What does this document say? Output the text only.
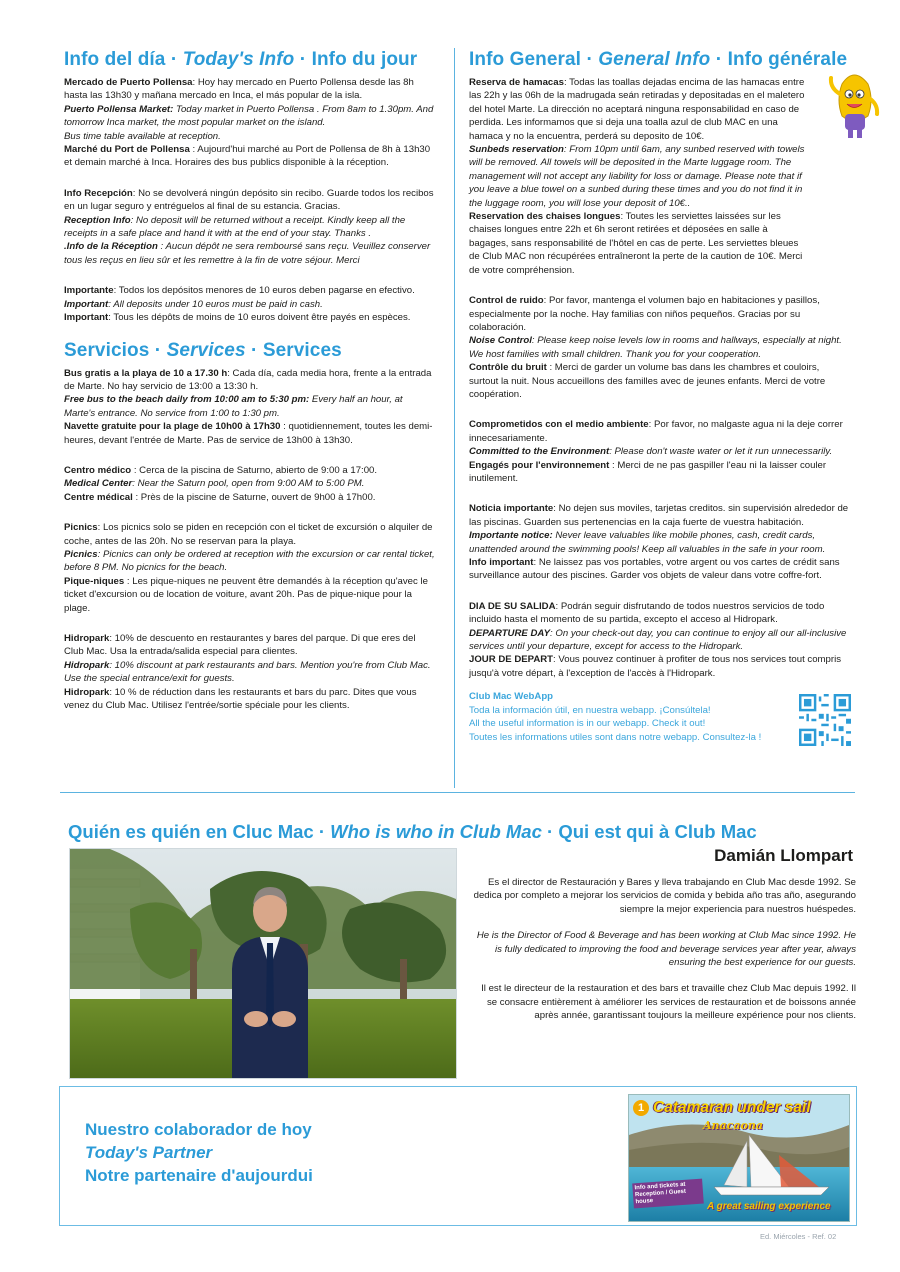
Info del día · Today's Info · Info du jour
Mercado de Puerto Pollensa: Hoy hay mercado en Puerto Pollensa desde las 8h hasta las 13h30 y mañana mercado en Inca, el más popular de la isla.
Puerto Pollensa Market: Today market in Puerto Pollensa . From 8am to 1.30pm. And tomorrow Inca market, the most popular market on the island.
Bus time table available at reception.
Marché du Port de Pollensa : Aujourd'hui marché au Port de Pollensa de 8h à 13h30 et demain marché à Inca. Horaires des bus publics disponible à la réception.
Info Recepción: No se devolverá ningún depósito sin recibo. Guarde todos los recibos en un lugar seguro y entréguelos al final de su estancia. Gracias.
Reception Info: No deposit will be returned without a receipt. Kindly keep all the receipts in a safe place and hand it with at the end of your stay. Thanks .
.Info de la Réception : Aucun dépôt ne sera remboursé sans reçu. Veuillez conserver tous les reçus en lieu sûr et les remettre à la fin de votre séjour. Merci
Importante: Todos los depósitos menores de 10 euros deben pagarse en efectivo.
Important: All deposits under 10 euros must be paid in cash.
Important: Tous les dépôts de moins de 10 euros doivent être payés en espèces.
Servicios · Services · Services
Bus gratis a la playa de 10 a 17.30 h: Cada día, cada media hora, frente a la entrada de Marte. No hay servicio de 13:00 a 13:30 h.
Free bus to the beach daily from 10:00 am to 5:30 pm: Every half an hour, at Marte's entrance. No service from 1:00 to 1:30 pm.
Navette gratuite pour la plage de 10h00 à 17h30 : quotidiennement, toutes les demi-heures, devant l'entrée de Marte. Pas de service de 13h00 à 13h30.
Centro médico : Cerca de la piscina de Saturno, abierto de 9:00 a 17:00.
Medical Center: Near the Saturn pool, open from 9:00 AM to 5:00 PM.
Centre médical : Près de la piscine de Saturne, ouvert de 9h00 à 17h00.
Picnics: Los picnics solo se piden en recepción con el ticket de excursión o alquiler de coche, antes de las 20h. No se reservan para la playa.
Picnics: Picnics can only be ordered at reception with the excursion or car rental ticket, before 8 PM. No picnics for the beach.
Pique-niques : Les pique-niques ne peuvent être demandés à la réception qu'avec le ticket d'excursion ou de location de voiture, avant 20h. Pas de pique-nique pour la plage.
Hidropark: 10% de descuento en restaurantes y bares del parque. Di que eres del Club Mac. Usa la entrada/salida especial para clientes.
Hidropark: 10% discount at park restaurants and bars. Mention you're from Club Mac. Use the special entrance/exit for guests.
Hidropark: 10 % de réduction dans les restaurants et bars du parc. Dites que vous venez du Club Mac. Utilisez l'entrée/sortie spéciale pour les clients.
Info General · General Info · Info générale
Reserva de hamacas: Todas las toallas dejadas encima de las hamacas entre las 22h y las 06h de la madrugada seán retiradas y depositadas en el maletero del hotel Marte. La dirección no aceptará ninguna responsabilidad en caso de perdida. Les informamos que si deja una toalla azul de club MAC en una hamaca y no la encuentra, perderá su deposito de 10€.
Sunbeds reservation: From 10pm until 6am, any sunbed reserved with towels will be removed. All towels will be deposited in the Marte luggage room. The management will not accept any liability for loss or damage. Please note that if you leave a blue towel on a sunbed during these times and you do not find it in the luggage room, you will lose your deposit of 10€..
Reservation des chaises longues: Toutes les serviettes laissées sur les chaises longues entre 22h et 6h seront retirées et déposées en salle à bagages, sans responsabilité de l'hôtel en cas de perte. Les serviettes bleues de Club MAC non récupérées entraîneront la perte de la caution de 10€. Merci de votre compréhension.
Control de ruido: Por favor, mantenga el volumen bajo en habitaciones y pasillos, especialmente por la noche. Hay familias con niños pequeños. Gracias por su colaboración.
Noise Control: Please keep noise levels low in rooms and hallways, especially at night. We host families with small children. Thank you for your cooperation.
Contrôle du bruit : Merci de garder un volume bas dans les chambres et couloirs, surtout la nuit. Nous accueillons des familles avec de jeunes enfants. Merci de votre coopération.
Comprometidos con el medio ambiente: Por favor, no malgaste agua ni la deje correr innecesariamente.
Committed to the Environment: Please don't waste water or let it run unnecessarily.
Engagés pour l'environnement : Merci de ne pas gaspiller l'eau ni la laisser couler inutilement.
Noticia importante: No dejen sus moviles, tarjetas creditos. sin supervisión alrededor de las piscinas. Guarden sus pertenencias en la caja fuerte de vuestra habitación.
Importante notice: Never leave valuables like mobile phones, cash, credit cards, unattended around the swimming pools! Keep all valuables in the safe in your room.
Info important: Ne laissez pas vos portables, votre argent ou vos cartes de crédit sans surveillance autour des piscines. Garder vos objets de valeur dans votre coffre-fort.
DIA DE SU SALIDA: Podrán seguir disfrutando de todos nuestros servicios de todo incluido hasta el momento de su partida, excepto el acceso al Hidropark.
DEPARTURE DAY: On your check-out day, you can continue to enjoy all our all-inclusive services until your departure, except for access to the Hidropark.
JOUR DE DEPART: Vous pouvez continuer à profiter de tous nos services tout compris jusqu'à votre départ, à l'exception de l'accès à l'Hidropark.
Club Mac WebApp
Toda la información útil, en nuestra webapp. ¡Consúltela!
All the useful information is in our webapp. Check it out!
Toutes les informations utiles sont dans notre webapp. Consultez-la !
Quién es quién en Cluc Mac · Who is who in Club Mac · Qui est qui à Club Mac
Damián Llompart

Es el director de Restauración y Bares y lleva trabajando en Club Mac desde 1992. Se dedica por completo a mejorar los servicios de comida y bebida año tras año, asegurando siempre la mejor experiencia para nuestros huéspedes.

He is the Director of Food & Beverage and has been working at Club Mac since 1992. He is fully dedicated to improving the food and beverage services year after year, always ensuring the best experience for our guests.

Il est le directeur de la restauration et des bars et travaille chez Club Mac depuis 1992. Il se consacre entièrement à améliorer les services de restauration et de boissons année après année, garantissant toujours la meilleure expérience pour nos clients.

Nuestro colaborador de hoy
Today's Partner
Notre partenaire d'aujourdui
1 Catamaran under sail
Anacaona
Info and tickets at Reception / Guest house	A great sailing experience
Ed. Miércoles - Ref. 02
